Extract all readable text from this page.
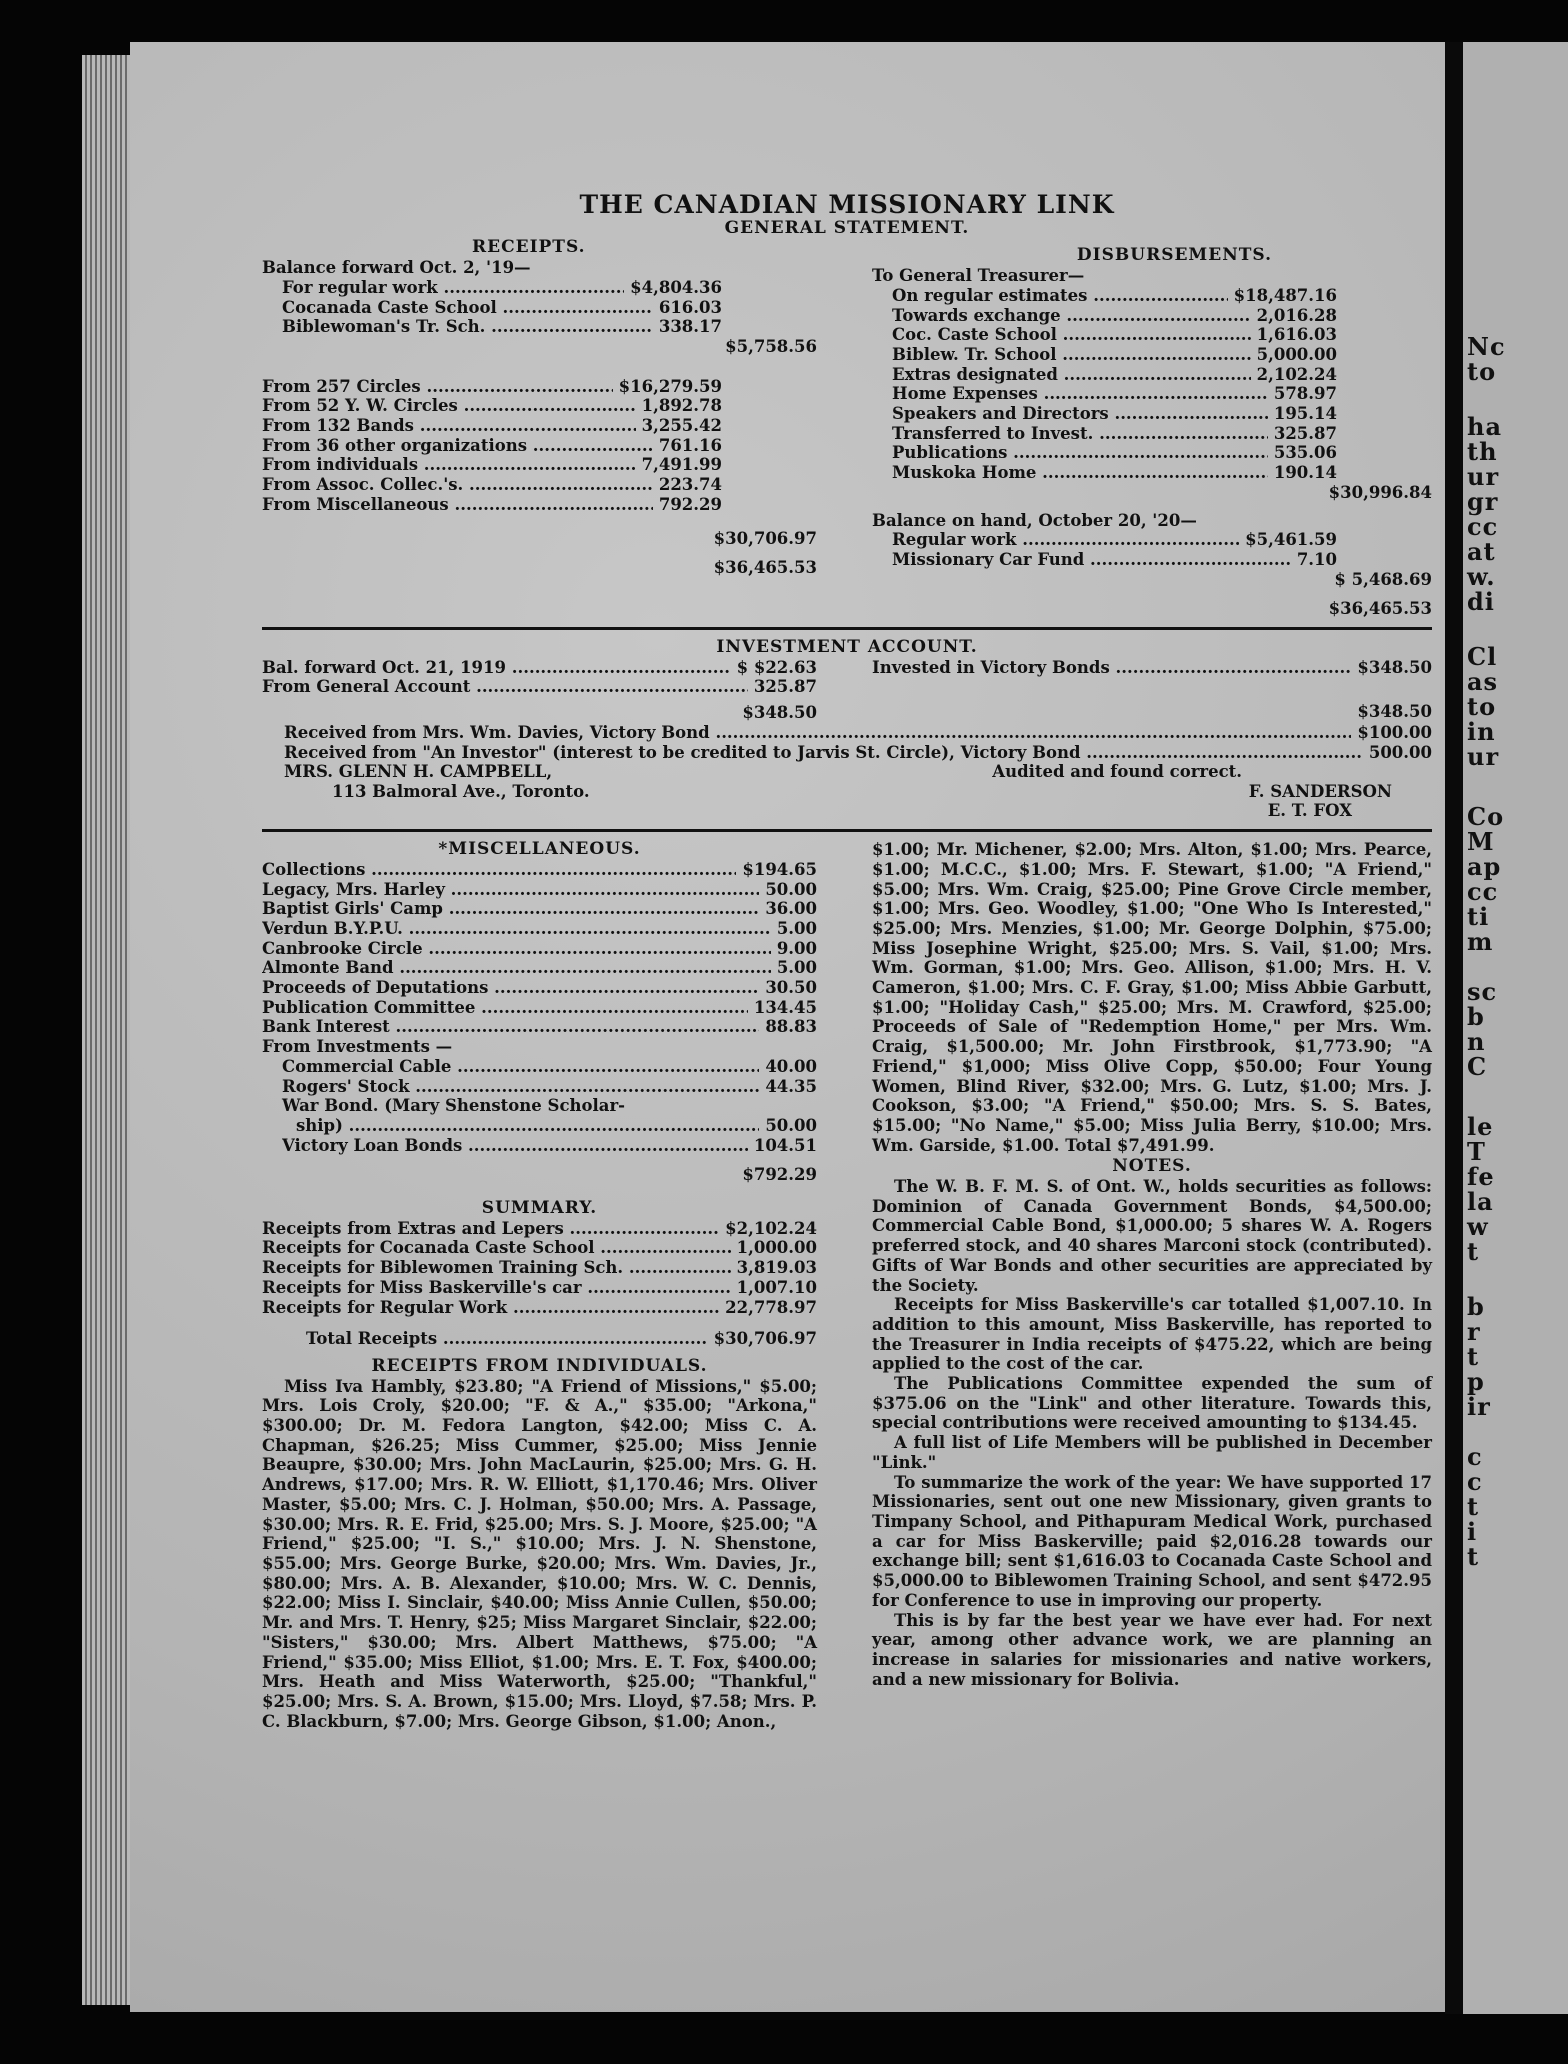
Nc
to
ha
th
ur
gr
cc
at
w.
di
Cl
as
to
in
ur
Co
M
ap
cc
ti
m
sc
b
n
C
le
T
fe
la
w
t
b
r
t
p
ir
c
c
t
i
t
THE CANADIAN MISSIONARY LINK
GENERAL STATEMENT.
RECEIPTS.
Balance forward Oct. 2, '19—
For regular work .....	$4,804.36
Cocanada Caste School .....	616.03
Biblewoman's Tr. Sch. .....	338.17
$5,758.56
From 257 Circles .....	$16,279.59
From 52 Y. W. Circles .....	1,892.78
From 132 Bands .....	3,255.42
From 36 other organizations .....	761.16
From individuals .....	7,491.99
From Assoc. Collec.'s. .....	223.74
From Miscellaneous .....	792.29
$30,706.97
$36,465.53
DISBURSEMENTS.
To General Treasurer—
On regular estimates .....	$18,487.16
Towards exchange .....	2,016.28
Coc. Caste School .....	1,616.03
Biblew. Tr. School .....	5,000.00
Extras designated .....	2,102.24
Home Expenses .....	578.97
Speakers and Directors .....	195.14
Transferred to Invest. .....	325.87
Publications .....	535.06
Muskoka Home .....	190.14
$30,996.84
Balance on hand, October 20, '20—
Regular work .....	$5,461.59
Missionary Car Fund .....	7.10
$ 5,468.69
$36,465.53
INVESTMENT ACCOUNT.
Bal. forward Oct. 21, 1919 .....	$ $22.63
From General Account .....	325.87
$348.50
Invested in Victory Bonds .....	$348.50
$348.50
Received from Mrs. Wm. Davies, Victory Bond .....	$100.00
Received from "An Investor" (interest to be credited to Jarvis St. Circle), Victory Bond .....	500.00
MRS. GLENN H. CAMPBELL,
113 Balmoral Ave., Toronto.
Audited and found correct.
F. SANDERSON
E. T. FOX
*MISCELLANEOUS.
Collections .....	$194.65
Legacy, Mrs. Harley .....	50.00
Baptist Girls' Camp .....	36.00
Verdun B.Y.P.U. .....	5.00
Canbrooke Circle .....	9.00
Almonte Band .....	5.00
Proceeds of Deputations .....	30.50
Publication Committee .....	134.45
Bank Interest .....	88.83
From Investments —
Commercial Cable .....	40.00
Rogers' Stock .....	44.35
War Bond. (Mary Shenstone Scholar-
ship) .....	50.00
Victory Loan Bonds .....	104.51
$792.29
SUMMARY.
Receipts from Extras and Lepers .....	$2,102.24
Receipts for Cocanada Caste School .....	1,000.00
Receipts for Biblewomen Training Sch. .....	3,819.03
Receipts for Miss Baskerville's car .....	1,007.10
Receipts for Regular Work .....	22,778.97
Total Receipts .....	$30,706.97
RECEIPTS FROM INDIVIDUALS.
Miss Iva Hambly, $23.80; "A Friend of Missions," $5.00; Mrs. Lois Croly, $20.00; "F. & A.," $35.00; "Arkona," $300.00; Dr. M. Fedora Langton, $42.00; Miss C. A. Chapman, $26.25; Miss Cummer, $25.00; Miss Jennie Beaupre, $30.00; Mrs. John MacLaurin, $25.00; Mrs. G. H. Andrews, $17.00; Mrs. R. W. Elliott, $1,170.46; Mrs. Oliver Master, $5.00; Mrs. C. J. Holman, $50.00; Mrs. A. Passage, $30.00; Mrs. R. E. Frid, $25.00; Mrs. S. J. Moore, $25.00; "A Friend," $25.00; "I. S.," $10.00; Mrs. J. N. Shenstone, $55.00; Mrs. George Burke, $20.00; Mrs. Wm. Davies, Jr., $80.00; Mrs. A. B. Alexander, $10.00; Mrs. W. C. Dennis, $22.00; Miss I. Sinclair, $40.00; Miss Annie Cullen, $50.00; Mr. and Mrs. T. Henry, $25; Miss Margaret Sinclair, $22.00; "Sisters," $30.00; Mrs. Albert Matthews, $75.00; "A Friend," $35.00; Miss Elliot, $1.00; Mrs. E. T. Fox, $400.00; Mrs. Heath and Miss Waterworth, $25.00; "Thankful," $25.00; Mrs. S. A. Brown, $15.00; Mrs. Lloyd, $7.58; Mrs. P. C. Blackburn, $7.00; Mrs. George Gibson, $1.00; Anon.,
$1.00; Mr. Michener, $2.00; Mrs. Alton, $1.00; Mrs. Pearce, $1.00; M.C.C., $1.00; Mrs. F. Stewart, $1.00; "A Friend," $5.00; Mrs. Wm. Craig, $25.00; Pine Grove Circle member, $1.00; Mrs. Geo. Woodley, $1.00; "One Who Is Interested," $25.00; Mrs. Menzies, $1.00; Mr. George Dolphin, $75.00; Miss Josephine Wright, $25.00; Mrs. S. Vail, $1.00; Mrs. Wm. Gorman, $1.00; Mrs. Geo. Allison, $1.00; Mrs. H. V. Cameron, $1.00; Mrs. C. F. Gray, $1.00; Miss Abbie Garbutt, $1.00; "Holiday Cash," $25.00; Mrs. M. Crawford, $25.00; Proceeds of Sale of "Redemption Home," per Mrs. Wm. Craig, $1,500.00; Mr. John Firstbrook, $1,773.90; "A Friend," $1,000; Miss Olive Copp, $50.00; Four Young Women, Blind River, $32.00; Mrs. G. Lutz, $1.00; Mrs. J. Cookson, $3.00; "A Friend," $50.00; Mrs. S. S. Bates, $15.00; "No Name," $5.00; Miss Julia Berry, $10.00; Mrs. Wm. Garside, $1.00. Total $7,491.99.
NOTES.
The W. B. F. M. S. of Ont. W., holds securities as follows: Dominion of Canada Government Bonds, $4,500.00; Commercial Cable Bond, $1,000.00; 5 shares W. A. Rogers preferred stock, and 40 shares Marconi stock (contributed). Gifts of War Bonds and other securities are appreciated by the Society.
Receipts for Miss Baskerville's car totalled $1,007.10. In addition to this amount, Miss Baskerville, has reported to the Treasurer in India receipts of $475.22, which are being applied to the cost of the car.
The Publications Committee expended the sum of $375.06 on the "Link" and other literature. Towards this, special contributions were received amounting to $134.45.
A full list of Life Members will be published in December "Link."
To summarize the work of the year: We have supported 17 Missionaries, sent out one new Missionary, given grants to Timpany School, and Pithapuram Medical Work, purchased a car for Miss Baskerville; paid $2,016.28 towards our exchange bill; sent $1,616.03 to Cocanada Caste School and $5,000.00 to Biblewomen Training School, and sent $472.95 for Conference to use in improving our property.
This is by far the best year we have ever had. For next year, among other advance work, we are planning an increase in salaries for missionaries and native workers, and a new missionary for Bolivia.
